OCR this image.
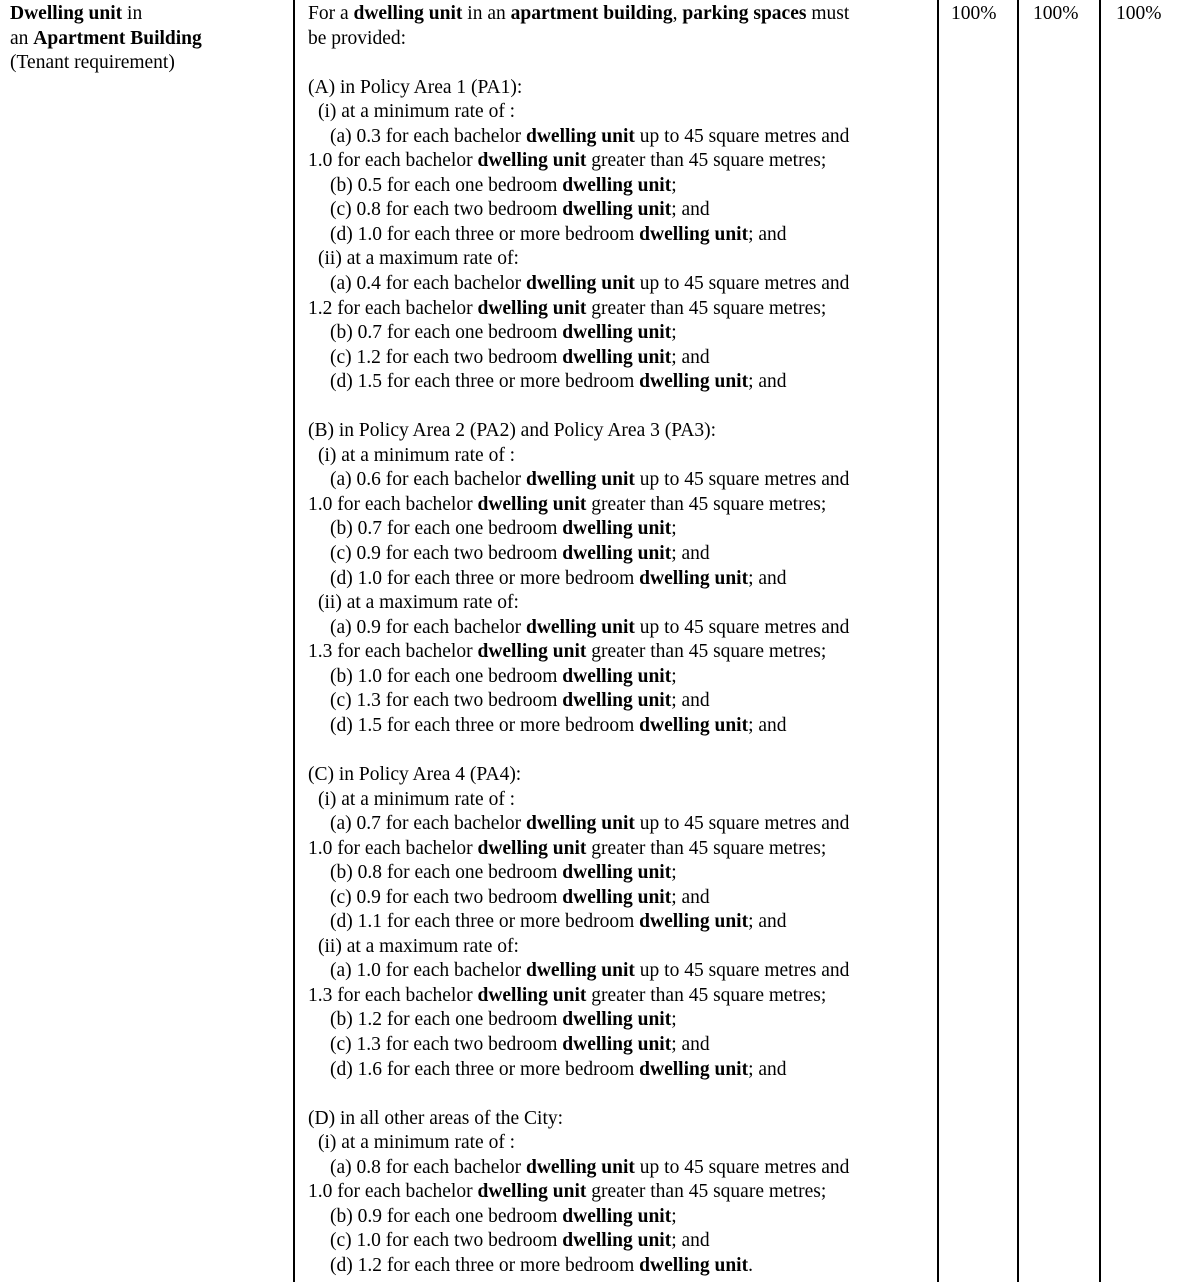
Dwelling unit in
an Apartment Building
(Tenant requirement)
100% 100% 100%
For a dwelling unit in an apartment building, parking spaces must
be provided:
(A) in Policy Area 1 (PA1):
(i) at a minimum rate of :
(a) 0.3 for each bachelor dwelling unit up to 45 square metres and
1.0 for each bachelor dwelling unit greater than 45 square metres;
(b) 0.5 for each one bedroom dwelling unit;
(c) 0.8 for each two bedroom dwelling unit; and
(d) 1.0 for each three or more bedroom dwelling unit; and
(ii) at a maximum rate of:
(a) 0.4 for each bachelor dwelling unit up to 45 square metres and
1.2 for each bachelor dwelling unit greater than 45 square metres;
(b) 0.7 for each one bedroom dwelling unit;
(c) 1.2 for each two bedroom dwelling unit; and
(d) 1.5 for each three or more bedroom dwelling unit; and
(B) in Policy Area 2 (PA2) and Policy Area 3 (PA3):
(i) at a minimum rate of :
(a) 0.6 for each bachelor dwelling unit up to 45 square metres and
1.0 for each bachelor dwelling unit greater than 45 square metres;
(b) 0.7 for each one bedroom dwelling unit;
(c) 0.9 for each two bedroom dwelling unit; and
(d) 1.0 for each three or more bedroom dwelling unit; and
(ii) at a maximum rate of:
(a) 0.9 for each bachelor dwelling unit up to 45 square metres and
1.3 for each bachelor dwelling unit greater than 45 square metres;
(b) 1.0 for each one bedroom dwelling unit;
(c) 1.3 for each two bedroom dwelling unit; and
(d) 1.5 for each three or more bedroom dwelling unit; and
(C) in Policy Area 4 (PA4):
(i) at a minimum rate of :
(a) 0.7 for each bachelor dwelling unit up to 45 square metres and
1.0 for each bachelor dwelling unit greater than 45 square metres;
(b) 0.8 for each one bedroom dwelling unit;
(c) 0.9 for each two bedroom dwelling unit; and
(d) 1.1 for each three or more bedroom dwelling unit; and
(ii) at a maximum rate of:
(a) 1.0 for each bachelor dwelling unit up to 45 square metres and
1.3 for each bachelor dwelling unit greater than 45 square metres;
(b) 1.2 for each one bedroom dwelling unit;
(c) 1.3 for each two bedroom dwelling unit; and
(d) 1.6 for each three or more bedroom dwelling unit; and
(D) in all other areas of the City:
(i) at a minimum rate of :
(a) 0.8 for each bachelor dwelling unit up to 45 square metres and
1.0 for each bachelor dwelling unit greater than 45 square metres;
(b) 0.9 for each one bedroom dwelling unit;
(c) 1.0 for each two bedroom dwelling unit; and
(d) 1.2 for each three or more bedroom dwelling unit.
